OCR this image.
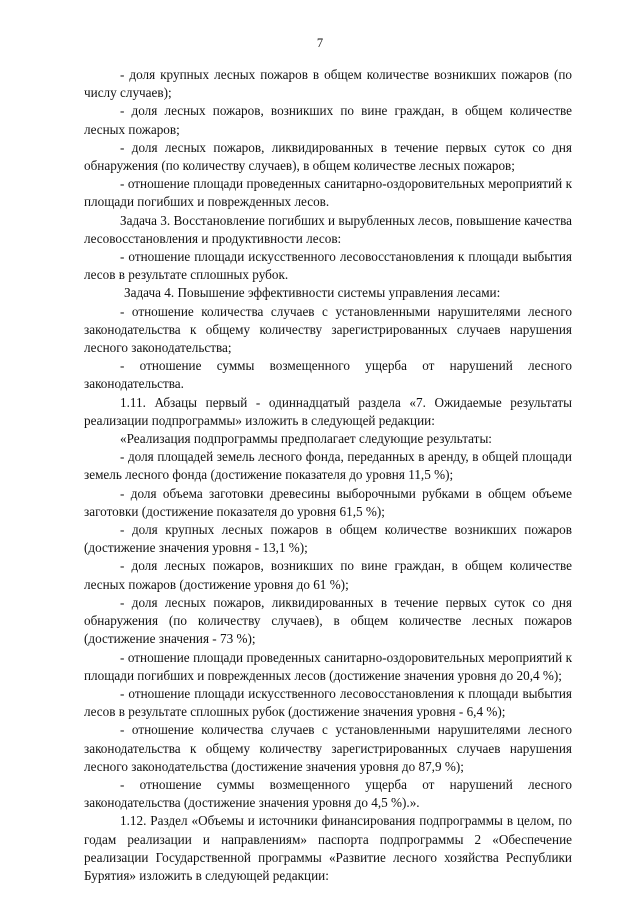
7

- доля крупных лесных пожаров в общем количестве возникших пожаров (по числу случаев);

- доля лесных пожаров, возникших по вине граждан, в общем количестве лесных пожаров;

- доля лесных пожаров, ликвидированных в течение первых суток со дня обнаружения (по количеству случаев), в общем количестве лесных пожаров;

- отношение площади проведенных санитарно-оздоровительных мероприятий к площади погибших и поврежденных лесов.

Задача 3. Восстановление погибших и вырубленных лесов, повышение качества лесовосстановления и продуктивности лесов:

- отношение площади искусственного лесовосстановления к площади выбытия лесов в результате сплошных рубок.

Задача 4. Повышение эффективности системы управления лесами:

- отношение количества случаев с установленными нарушителями лесного законодательства к общему количеству зарегистрированных случаев нарушения лесного законодательства;

- отношение суммы возмещенного ущерба от нарушений лесного законодательства.

1.11. Абзацы первый - одиннадцатый раздела «7. Ожидаемые результаты реализации подпрограммы» изложить в следующей редакции:

«Реализация подпрограммы предполагает следующие результаты:

- доля площадей земель лесного фонда, переданных в аренду, в общей площади земель лесного фонда (достижение показателя до уровня 11,5 %);

- доля объема заготовки древесины выборочными рубками в общем объеме заготовки (достижение показателя до уровня 61,5 %);

- доля крупных лесных пожаров в общем количестве возникших пожаров (достижение значения уровня - 13,1 %);

- доля лесных пожаров, возникших по вине граждан, в общем количестве лесных пожаров (достижение уровня до 61 %);

- доля лесных пожаров, ликвидированных в течение первых суток со дня обнаружения (по количеству случаев), в общем количестве лесных пожаров (достижение значения - 73 %);

- отношение площади проведенных санитарно-оздоровительных мероприятий к площади погибших и поврежденных лесов (достижение значения уровня до 20,4 %);

- отношение площади искусственного лесовосстановления к площади выбытия лесов в результате сплошных рубок (достижение значения уровня - 6,4 %);

- отношение количества случаев с установленными нарушителями лесного законодательства к общему количеству зарегистрированных случаев нарушения лесного законодательства (достижение значения уровня до 87,9 %);

- отношение суммы возмещенного ущерба от нарушений лесного законодательства (достижение значения уровня до 4,5 %).».

1.12. Раздел «Объемы и источники финансирования подпрограммы в целом, по годам реализации и направлениям» паспорта подпрограммы 2 «Обеспечение реализации Государственной программы «Развитие лесного хозяйства Республики Бурятия» изложить в следующей редакции:
